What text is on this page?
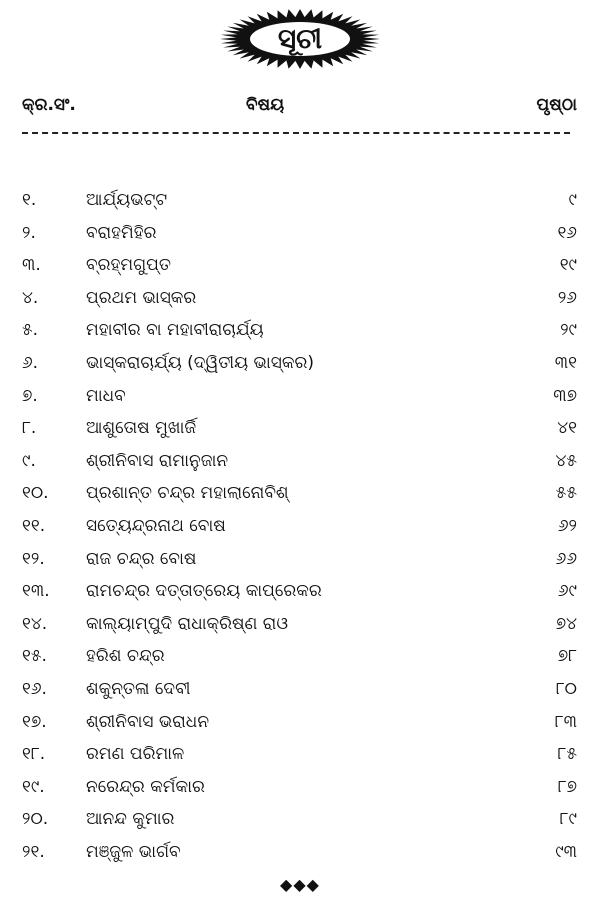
ସୂଚୀ
କ୍ର.ସଂ.	ବିଷୟ	ପୃଷ୍ଠା
୧.	ଆର୍ଯ୍ୟଭଟ୍ଟ	୯
୨.	ବରାହମିହିର	୧୬
୩.	ବ୍ରହ୍ମଗୁପ୍ତ	୧୯
୪.	ପ୍ରଥମ ଭାସ୍କର	୨୬
୫.	ମହାବୀର ବା ମହାବୀରାଚାର୍ଯ୍ୟ	୨୯
୬.	ଭାସ୍କରାଚାର୍ଯ୍ୟ (ଦ୍ୱିତୀୟ ଭାସ୍କର)	୩୧
୭.	ମାଧବ	୩୭
୮.	ଆଶୁତୋଷ ମୁଖାର୍ଜି	୪୧
୯.	ଶ୍ରୀନିବାସ ରାମାନୁଜାନ	୪୫
୧୦. ପ୍ରଶାନ୍ତ ଚନ୍ଦ୍ର ମହାଲାନୋବିଶ୍	୫୫
୧୧. ସତ୍ୟେନ୍ଦ୍ରନାଥ ବୋଷ	୬୨
୧୨. ରାଜ ଚନ୍ଦ୍ର ବୋଷ	୬୬
୧୩. ରାମଚନ୍ଦ୍ର ଦତ୍ତାତ୍ରେୟ କାପ୍ରେକର	୬୯
୧୪. କାଲ୍ୟାମ୍ପୁଦି ରାଧାକ୍ରିଷ୍ଣ ରାଓ	୭୪
୧୫. ହରିଶ ଚନ୍ଦ୍ର	୭୮
୧୬. ଶକୁନ୍ତଳା ଦେବୀ	୮୦
୧୭. ଶ୍ରୀନିବାସ ଭରାଧନ	୮୩
୧୮. ରମଣ ପରିମାଳ	୮୫
୧୯. ନରେନ୍ଦ୍ର କର୍ମକାର	୮୭
୨୦. ଆନନ୍ଦ କୁମାର	୮୯
୨୧. ମଞ୍ଜୁଳ ଭାର୍ଗବ	୯୩
◆◆◆
